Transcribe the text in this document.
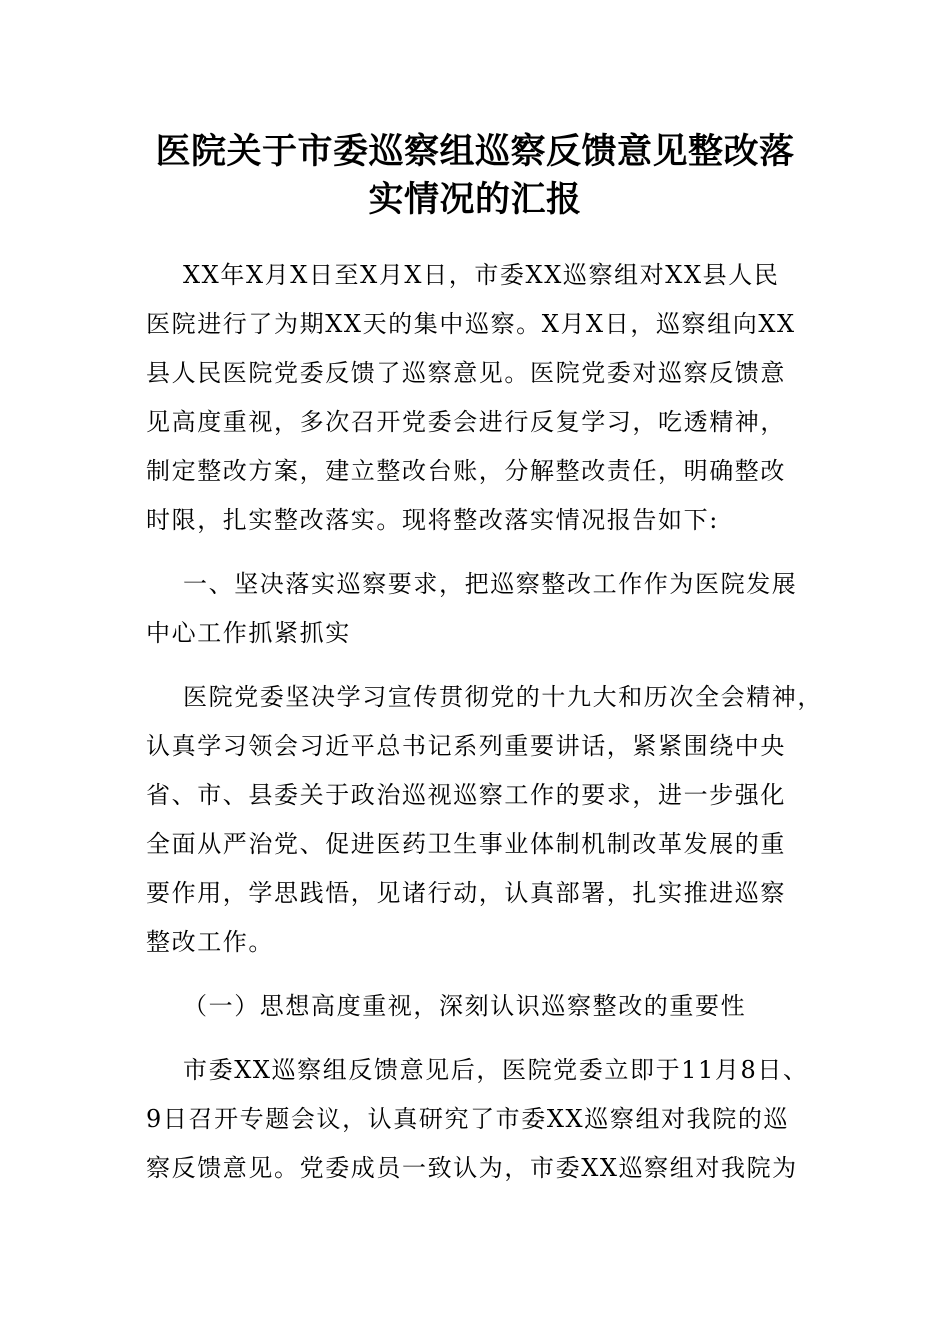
医院关于市委巡察组巡察反馈意见整改落
实情况的汇报
XX年X月X日至X月X日，市委XX巡察组对XX县人民
医院进行了为期XX天的集中巡察。X月X日，巡察组向XX
县人民医院党委反馈了巡察意见。医院党委对巡察反馈意
见高度重视，多次召开党委会进行反复学习，吃透精神，
制定整改方案，建立整改台账，分解整改责任，明确整改
时限，扎实整改落实。现将整改落实情况报告如下:
一、坚决落实巡察要求，把巡察整改工作作为医院发展
中心工作抓紧抓实
医院党委坚决学习宣传贯彻党的十九大和历次全会精神，
认真学习领会习近平总书记系列重要讲话，紧紧围绕中央
省、市、县委关于政治巡视巡察工作的要求，进一步强化
全面从严治党、促进医药卫生事业体制机制改革发展的重
要作用，学思践悟，见诸行动，认真部署，扎实推进巡察
整改工作。
（一）思想高度重视，深刻认识巡察整改的重要性
市委XX巡察组反馈意见后，医院党委立即于11月8日、
9日召开专题会议，认真研究了市委XX巡察组对我院的巡
察反馈意见。党委成员一致认为，市委XX巡察组对我院为
